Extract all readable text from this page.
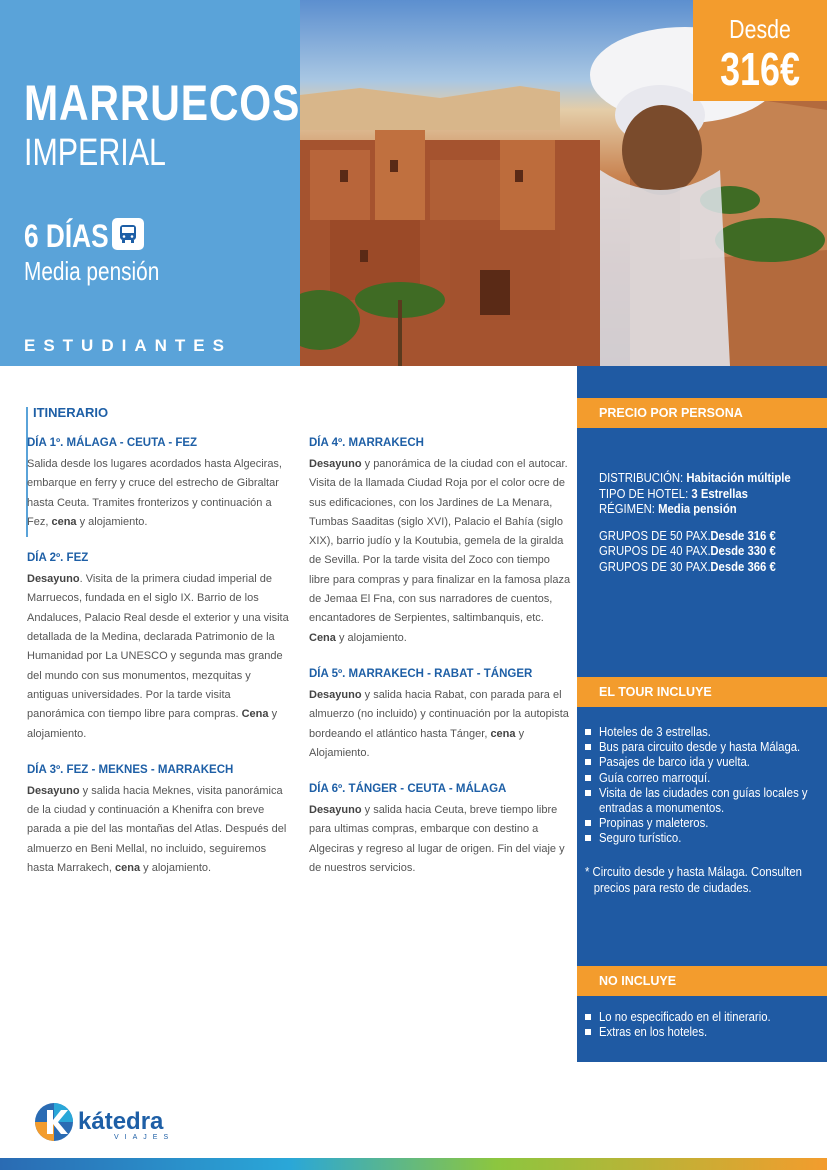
MARRUECOS
IMPERIAL
6 DÍAS
Media pensión
ESTUDIANTES
Desde
316€
ITINERARIO
DÍA 1º. MÁLAGA - CEUTA - FEZ
Salida desde los lugares acordados hasta Algeciras, embarque en ferry y cruce del estrecho de Gibraltar hasta Ceuta. Tramites fronterizos y continuación a Fez, cena y alojamiento.
DÍA 2º. FEZ
Desayuno. Visita de la primera ciudad imperial de Marruecos, fundada en el siglo IX. Barrio de los Andaluces, Palacio Real desde el exterior y una visita detallada de la Medina, declarada Patrimonio de la Humanidad por La UNESCO y segunda mas grande del mundo con sus monumentos, mezquitas y antiguas universidades. Por la tarde visita panorámica con tiempo libre para compras. Cena y alojamiento.
DÍA 3º. FEZ - MEKNES - MARRAKECH
Desayuno y salida hacia Meknes, visita panorámica de la ciudad y continuación a Khenifra con breve parada a pie del las montañas del Atlas. Después del almuerzo en Beni Mellal, no incluido, seguiremos hasta Marrakech, cena y alojamiento.
DÍA 4º. MARRAKECH
Desayuno y panorámica de la ciudad con el autocar. Visita de la llamada Ciudad Roja por el color ocre de sus edificaciones, con los Jardines de La Menara, Tumbas Saaditas (siglo XVI), Palacio el Bahía (siglo XIX), barrio judío y la Koutubia, gemela de la giralda de Sevilla. Por la tarde visita del Zoco con tiempo libre para compras y para finalizar en la famosa plaza de Jemaa El Fna, con sus narradores de cuentos, encantadores de Serpientes, saltimbanquis, etc. Cena y alojamiento.
DÍA 5º. MARRAKECH - RABAT - TÁNGER
Desayuno y salida hacia Rabat, con parada para el almuerzo (no incluido) y continuación por la autopista bordeando el atlántico hasta Tánger, cena y Alojamiento.
DÍA 6º. TÁNGER - CEUTA - MÁLAGA
Desayuno y salida hacia Ceuta, breve tiempo libre para ultimas compras, embarque con destino a Algeciras y regreso al lugar de origen. Fin del viaje y de nuestros servicios.
PRECIO POR PERSONA
DISTRIBUCIÓN: Habitación múltiple
TIPO DE HOTEL: 3 Estrellas
RÉGIMEN: Media pensión
GRUPOS DE 50 PAX.Desde 316 €
GRUPOS DE 40 PAX.Desde 330 €
GRUPOS DE 30 PAX.Desde 366 €
EL TOUR INCLUYE
Hoteles de 3 estrellas.
Bus para circuito desde y hasta Málaga.
Pasajes de barco ida y vuelta.
Guía correo marroquí.
Visita de las ciudades con guías locales y
entradas a monumentos.
Propinas y maleteros.
Seguro turístico.
* Circuito desde y hasta Málaga. Consulten
precios para resto de ciudades.
NO INCLUYE
Lo no especificado en el itinerario.
Extras en los hoteles.
kátedra
VIAJES
